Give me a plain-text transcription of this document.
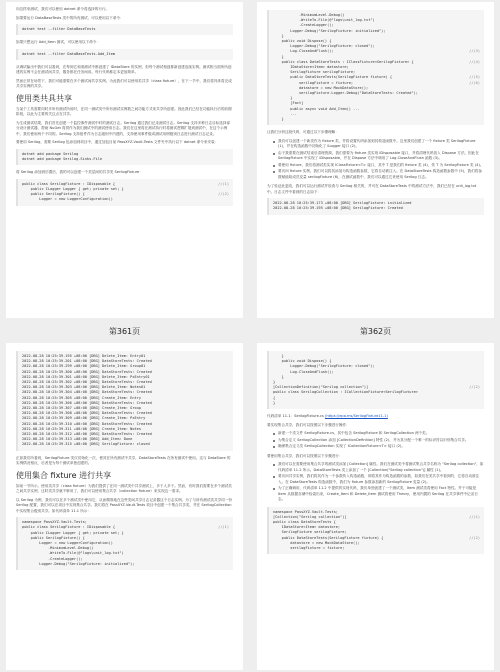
向这样来测试，我们可以使用 dotnet 命令将选择的行行。

如果要运行 DataBaseTests 类中的所有测试，可以使用以下命令：

dotnet test --filter DataBaseTests

如果只想运行 Add_Item 测试，可以使用以下命令：

dotnet test --filter DataBaseTests.Add_Item

从调试输出中我们可以看到，在每到它和消测试中都创建了 IDataStore 的实例，但每个测试相创都新创建连续实例。测试相当面所所创建的实例不会在测试间共享，服务都在任务间用。每行代码都定本更加简单。

然而正常在场景下，我们可能需要在多个测试间共享实例。为此我们可以使用类共享（class fixture），在下一节中，我们将具体将完成共享实例的共享。

使用类共具共享

当某个工具需要同时多所有测试所用时，在同一测试类中所有测试实例数之间功能方式来共享所创建。因此我们已经在功能执行后的前期阶段，以此为主要的关注点在共享。

为生成测试结果，我们首先创建一个监控事件测试中时的测试日志。Serilog 通过我们记录测试日志。Serilog 支持多种日志目标选择部分设计测试器，帮助 NuGet 将供作为我们测试中的测试使用日志。我们在这里将在测试执行时将测试逻辑扩展到测试中，在这个示例中，我们使用两个不同的。Serilog 支持组件作为日志级别中内建的，支持使用事件级或测试用例级别日志进行测试日志记录。

要使用 Serilog，需要 Serilog 包添加到项目中，通过加包目前 PassXYZ.Vault.Tests 文件夹中执行以下 dotnet 命令来安装：

dotnet add package Serilog
dotnet add package Serilog.Sinks.File

将 Serilog 添加到后置后，我的可以创建一个类层间的共享类 SerilogFixture：

public class SerilogFixture : IDisposable {	//(1)
public ILogger Logger { get; private set; }
public SerilogFixture() {	//(2)
Logger = new LoggerConfiguration()
第361页
.MinimumLevel.Debug()
.WriteTo.File(@"logs\unit_log.txt")
.CreateLogger();
Logger.Debug("SerilogFixture: initialized");
}
public void Dispose() {
Logger.Debug("SerilogFixture: closed");
Log.CloseAndFlush();	//(3)
}
public class DataStoreTests : IClassFixture<SerilogFixture> {	//(4)
IDataStore<Item> datastore;
SerilogFixture serilogFixture;
public DataStoreTests(SerilogFixture fixture) {	//(5)
serilogFixture = fixture;	//(6)
datastore = new MockDataStore();
serilogFixture.Logger.Debug("DataStoreTests: Created");
}
[Fact]
public async void Add_Item() ...
...
}

让我们分析这段代码，可通过以下步骤理解：

我们可以创建一个新类作为 fixture 类，并将设置代码添加到其构造函数中。这里我们创建了一个 fixture 类 SerilogFixture (1)，并在构造函数中初始化了 ILogger 接口 (2)。
由于我需要在测试结束后清理资源，我们需要为 fixture 类实现 IDisposable 接口，并将清理代码放入 Dispose 方法。因此在 SerilogFixture 中实现了 IDisposable，并在 Dispose 方法中调用了 Log.CloseAndFlush 函数 (3)。
要使用 fixture，我们将测试类实现 IClassFixture<T> 接口，其中 T 是我们的 fixture 类 (4)，传 T 为 SerilogFixture 类 (4)。
要访问 fixture 实例，我们可以将其添加为构造函数参数，它将自动被注入。在 DataStoreTests 构造函数参数中 (5)，我们将参数赋值给成员变量 serilogFixture (6)，在测试函数中，我们可以通过它来使用 Serilog 日志。

为了验证此更改，我们可以运行测试并检查与 Serilog 相关的，并可在 DataStoreTests 中的测试方法中，我们已经在 unit_log.txt 中。日志文件中看到的日志如下：

2022-08-28 10:25:39.173 +08:00 [DBG] SerilogFixture: initialized
2022-08-28 10:25:39.195 +08:00 [DBG] SerilogFixture: Created
第362页
2022-08-28 10:25:39.195 +08:00 [DBG] Delete_Item: Entry01
2022-08-28 10:25:39.201 +08:00 [DBG] DataStoreTests: Created
2022-08-28 10:25:39.299 +08:00 [DBG] Delete_Item: Group01
2022-08-28 10:25:39.300 +08:00 [DBG] DataStoreTests: Created
2022-08-28 10:25:39.301 +08:00 [DBG] Delete_Item: PxEntry01
2022-08-28 10:25:39.302 +08:00 [DBG] DataStoreTests: Created
2022-08-28 10:25:39.303 +08:00 [DBG] Delete_Item: Notes01
2022-08-28 10:25:39.304 +08:00 [DBG] DataStoreTests: Created
2022-08-28 10:25:39.305 +08:00 [DBG] Create_Item: Entry
2022-08-28 10:25:39.306 +08:00 [DBG] DataStoreTests: Created
2022-08-28 10:25:39.307 +08:00 [DBG] Create_Item: Group
2022-08-28 10:25:39.308 +08:00 [DBG] DataStoreTests: Created
2022-08-28 10:25:39.309 +08:00 [DBG] Create_Item: PxEntry
2022-08-28 10:25:39.310 +08:00 [DBG] DataStoreTests: Created
2022-08-28 10:25:39.311 +08:00 [DBG] Create_Item: Notes
2022-08-28 10:25:39.312 +08:00 [DBG] DataStoreTests: Created
2022-08-28 10:25:39.313 +08:00 [DBG] Add_Item: Done
2022-08-28 10:25:39.315 +08:00 [DBG] SerilogFixture: closed

正如我们所看到，SerilogFixture 类仅初始化一次，使其在所有测试中共享，DataStoreTests 在所有测试中使用。这与 DataStore 的实例情况相反，后者是为每个测试单独创建的。

使用集合 fixture 进行共享

如前一节所示，使用类共享（class fixture）为我们提供了在同一测试类中共享测试上，多于人多于。然而，有时我们需要在多个测试类之间共享实例，这时类共享就不够用了，我们可以使用集合共享（collection fixture）来实现这一需求。

以 Serilog 为例，我们可以在多个测试类中使用它，从而精准地在这些类间共享日志记录器这个日志实例。为了与所有测试类共享同一份 Serilog 配置，我们可以在项目中实现集合共享。我们将在 PassXYZ.Vault.Tests 项目中创建一个集合共享类，并在 SerilogCollection 中实现集合级别共享。如代码清单 11.1 所示：

namespace PassXYZ.Vault.Tests;
public class SerilogFixture : IDisposable {	//(1)
public ILogger Logger { get; private set; }
public SerilogFixture() {
Logger = new LoggerConfiguration()
.MinimumLevel.Debug()
.WriteTo.File(@"logs\unit_log.txt")
.CreateLogger();
Logger.Debug("SerilogFixture: initialized");
}
public void Dispose() {
Logger.Debug("SerilogFixture: closed");
Log.CloseAndFlush();
}
}
[CollectionDefinition("Serilog collection")]	//(2)
public class SerilogCollection : ICollectionFixture<SerilogFixture>
{
}

代码清单 11.1：SerilogFixture.cs (https://epa.ms/SerilogFixture11-1)

要实现集合共享，我们可以按照以下步骤进行操作：

新建一个类文件 SerilogFixture.cs，其中包含 SerilogFixture 和 SerilogCollection 两个类。
为集合定义 SerilogCollection 添加 [CollectionDefinition] 特性 (2)，并为其分配一个唯一的标识符以识别集合共享。
确保集合定义类 SerilogCollection 实现了 ICollectionFixture<T> 接口 (2)。

要使用集合共享，我们可以按照以下步骤进行：

我们可以在需要使用集合共享的测试类添加 [Collection] 属性。我们在测试类中将测试集合共享名称为 "Serilog collection"，如代码清单 11.2 所示。DataStoreTests 类上添加了一个 [Collection("Serilog collection")] 属性 (1)。
要访问共享实例，我们将其作为一个参数传入构造函数，即将其作为构造函数的参数，如我们在类共享中看到的，它将自动被注入。在 DataStoreTests 构造函数中，我们为 fixture 参数添加新的 SerilogFixture 变量 (2)。
为了正确调用，代码清单 11.2 中提供的实现代码，我们单独创建了一个测试类，Item 测试类将使用 Fact 特性。并于可能是 Item 从数据存储中检索出来，Create_Item 和 Delete_Item 测试将使用 Theory，使用内置的 Serilog 在共享事件中记录日志。
namespace PassXYZ.Vault.Tests;
[Collection("Serilog collection")]	//(1)
public class DataStoreTests {
IDataStore<Item> datastore;
SerilogFixture serilogFixture;
public DataStoreTests(SerilogFixture fixture) {	//(2)
datastore = new MockDataStore();
serilogFixture = fixture;
